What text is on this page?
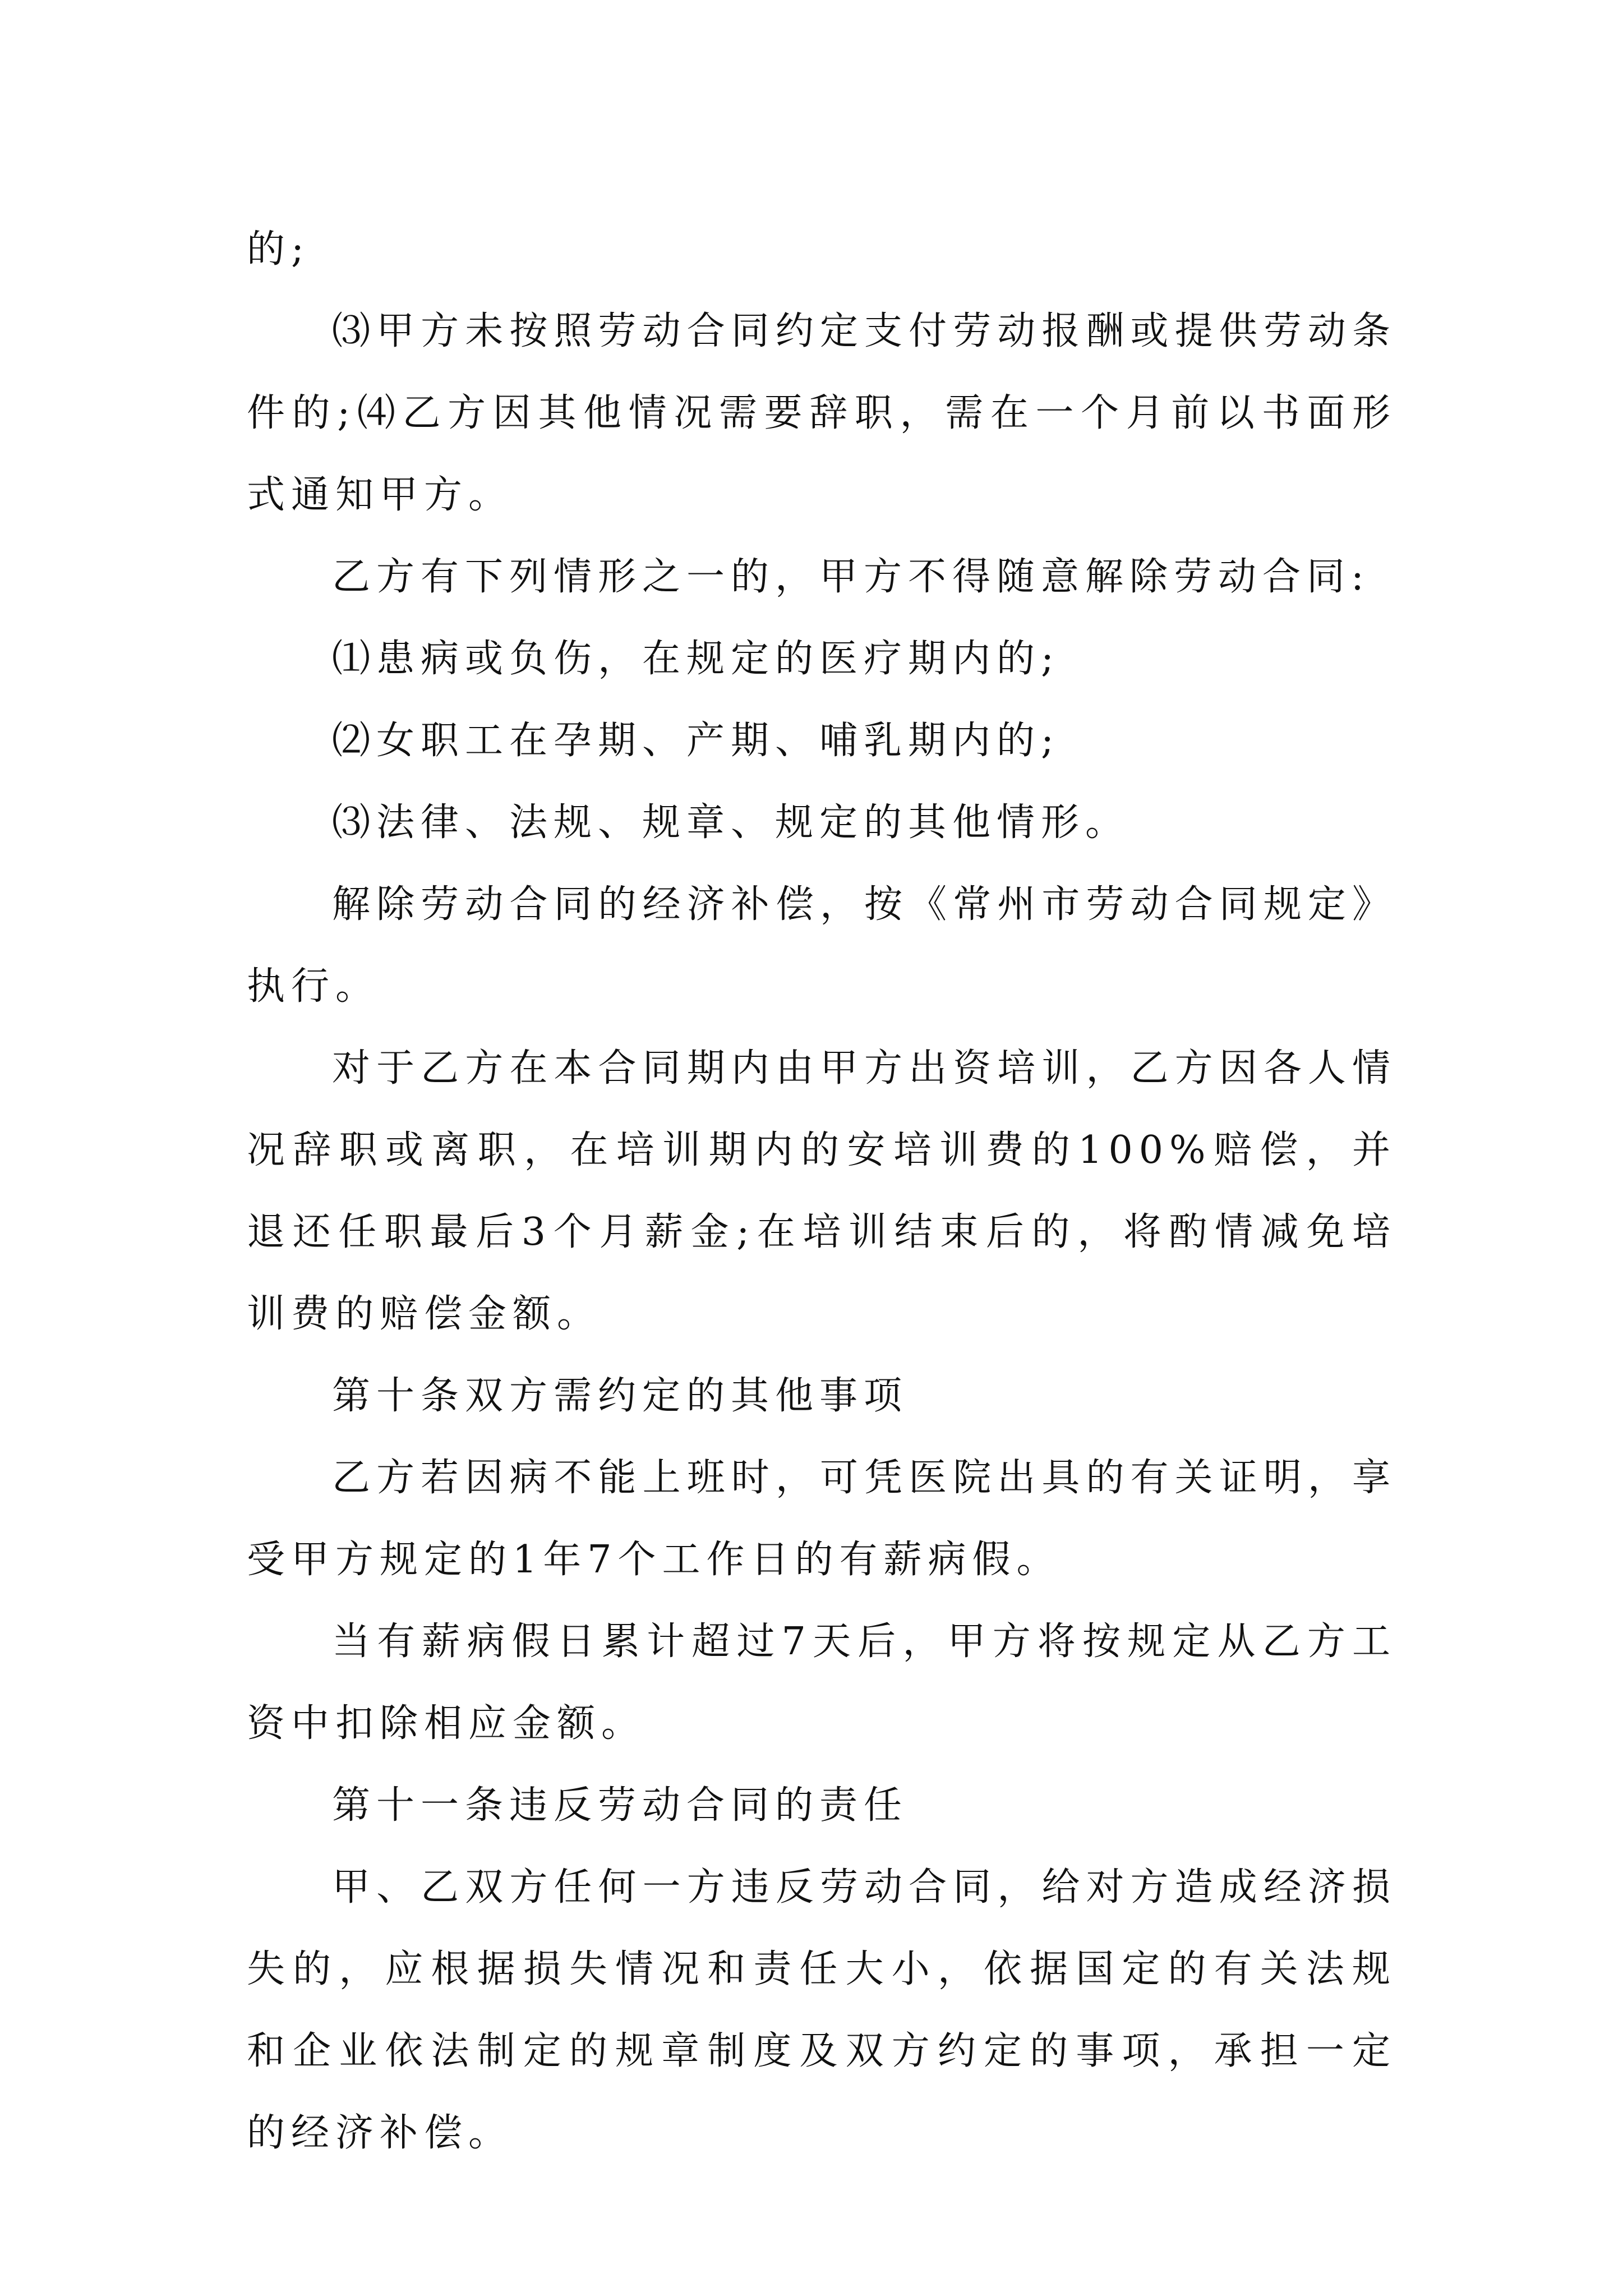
的;

⑶甲方未按照劳动合同约定支付劳动报酬或提供劳动条件的;⑷乙方因其他情况需要辞职，需在一个月前以书面形式通知甲方。

乙方有下列情形之一的，甲方不得随意解除劳动合同:

⑴患病或负伤，在规定的医疗期内的;

⑵女职工在孕期、产期、哺乳期内的;

⑶法律、法规、规章、规定的其他情形。

解除劳动合同的经济补偿，按《常州市劳动合同规定》执行。

对于乙方在本合同期内由甲方出资培训，乙方因各人情况辞职或离职，在培训期内的安培训费的100%赔偿，并退还任职最后3个月薪金;在培训结束后的，将酌情减免培训费的赔偿金额。

第十条双方需约定的其他事项

乙方若因病不能上班时，可凭医院出具的有关证明，享受甲方规定的1年7个工作日的有薪病假。

当有薪病假日累计超过7天后，甲方将按规定从乙方工资中扣除相应金额。

第十一条违反劳动合同的责任

甲、乙双方任何一方违反劳动合同，给对方造成经济损失的，应根据损失情况和责任大小，依据国定的有关法规和企业依法制定的规章制度及双方约定的事项，承担一定的经济补偿。
